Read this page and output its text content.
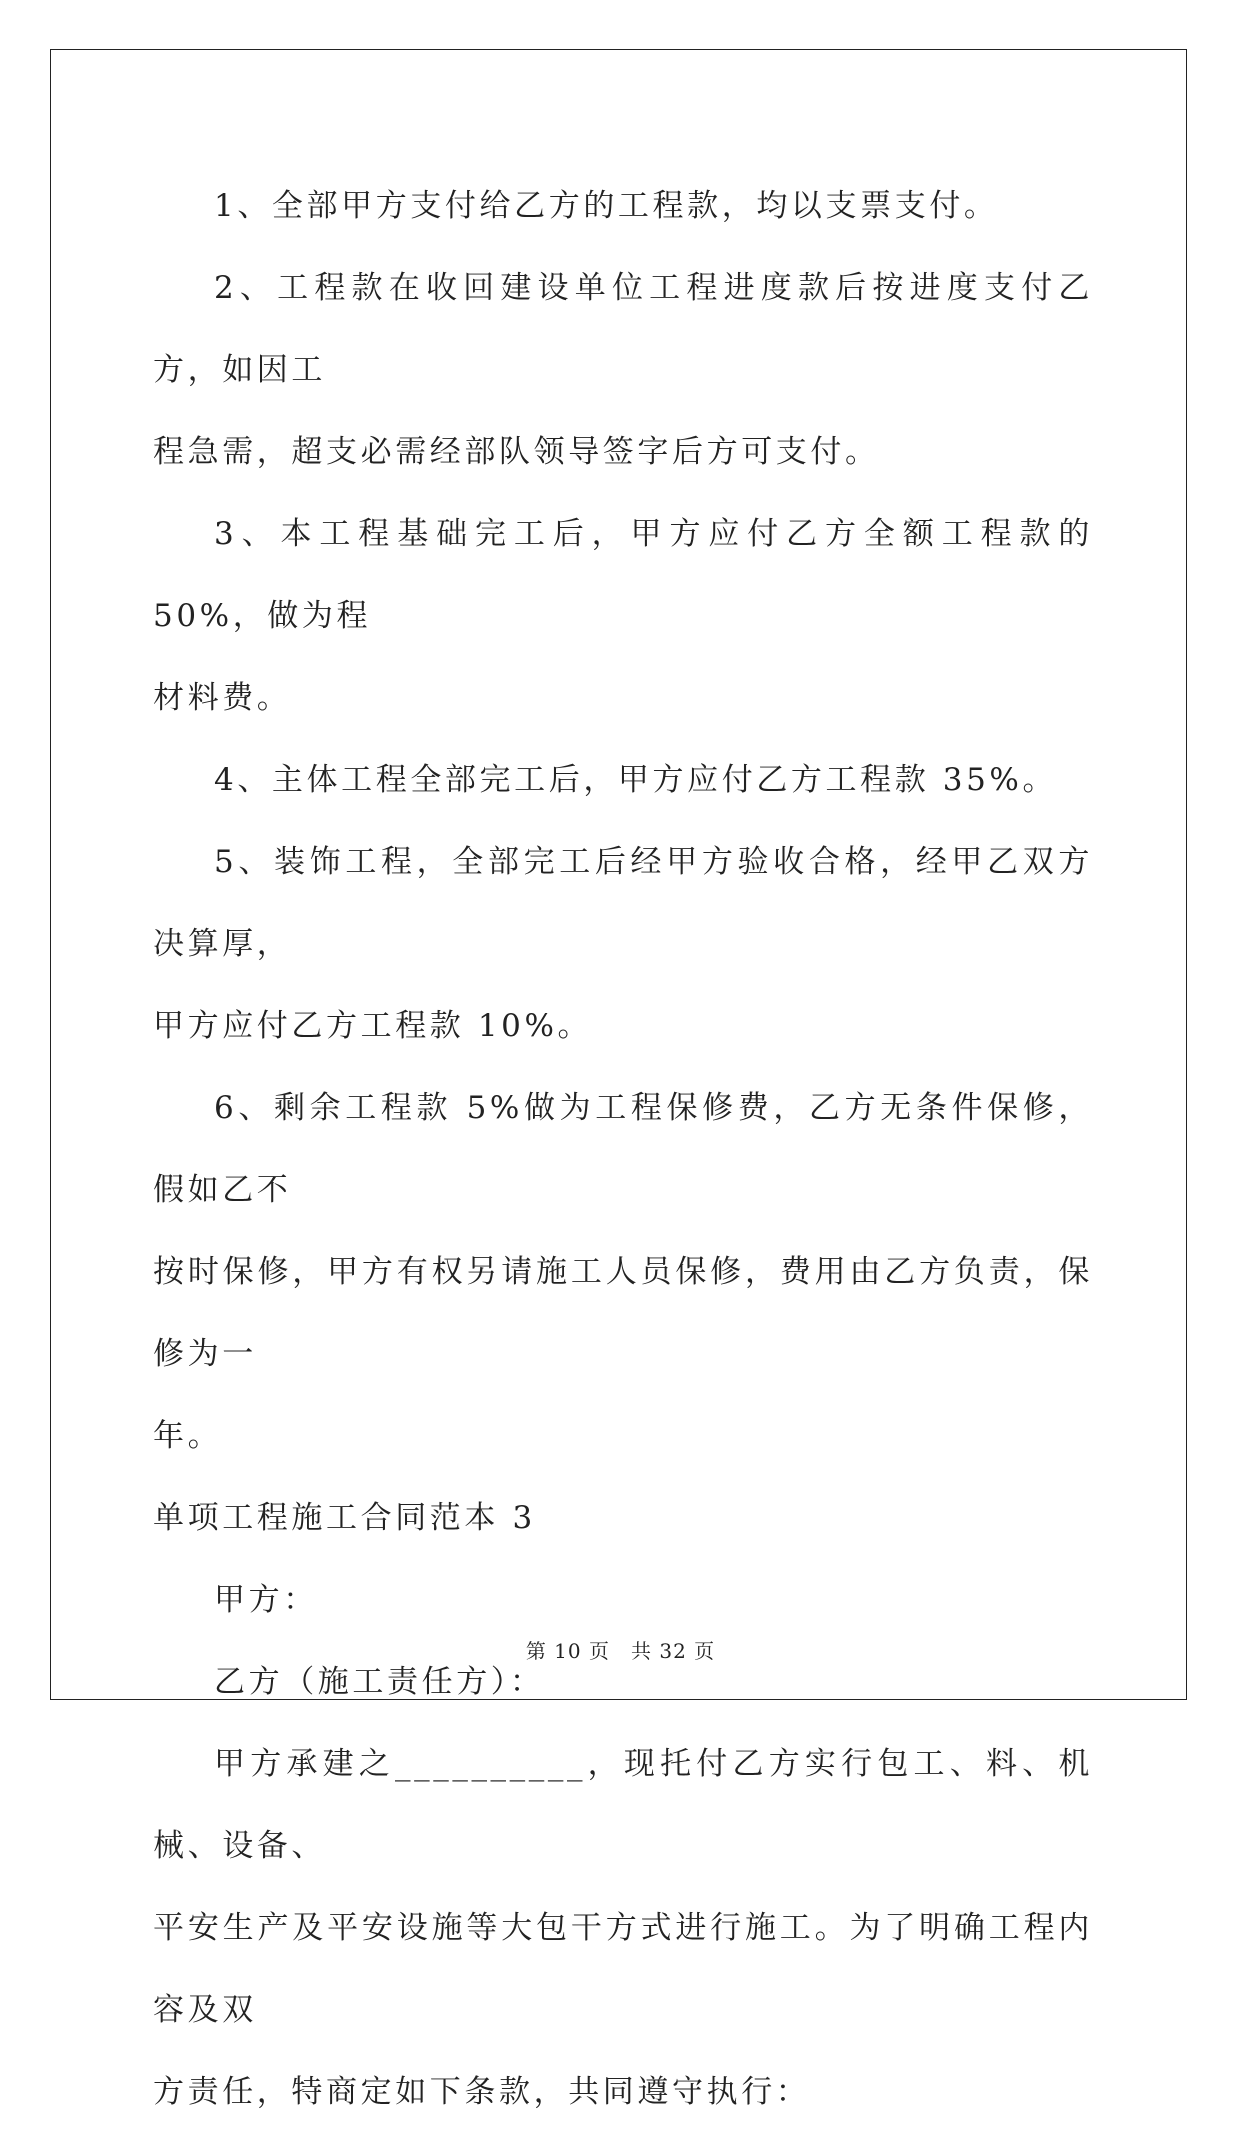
1、全部甲方支付给乙方的工程款，均以支票支付。

2、工程款在收回建设单位工程进度款后按进度支付乙方，如因工
程急需，超支必需经部队领导签字后方可支付。

3、本工程基础完工后，甲方应付乙方全额工程款的 50%，做为程
材料费。

4、主体工程全部完工后，甲方应付乙方工程款 35%。

5、装饰工程，全部完工后经甲方验收合格，经甲乙双方决算厚，
甲方应付乙方工程款 10%。

6、剩余工程款 5%做为工程保修费，乙方无条件保修，假如乙不
按时保修，甲方有权另请施工人员保修，费用由乙方负责，保修为一
年。

单项工程施工合同范本 3

甲方：

乙方（施工责任方）：

甲方承建之__________，现托付乙方实行包工、料、机械、设备、
平安生产及平安设施等大包干方式进行施工。为了明确工程内容及双
方责任，特商定如下条款，共同遵守执行：

第 10 页　共 32 页
